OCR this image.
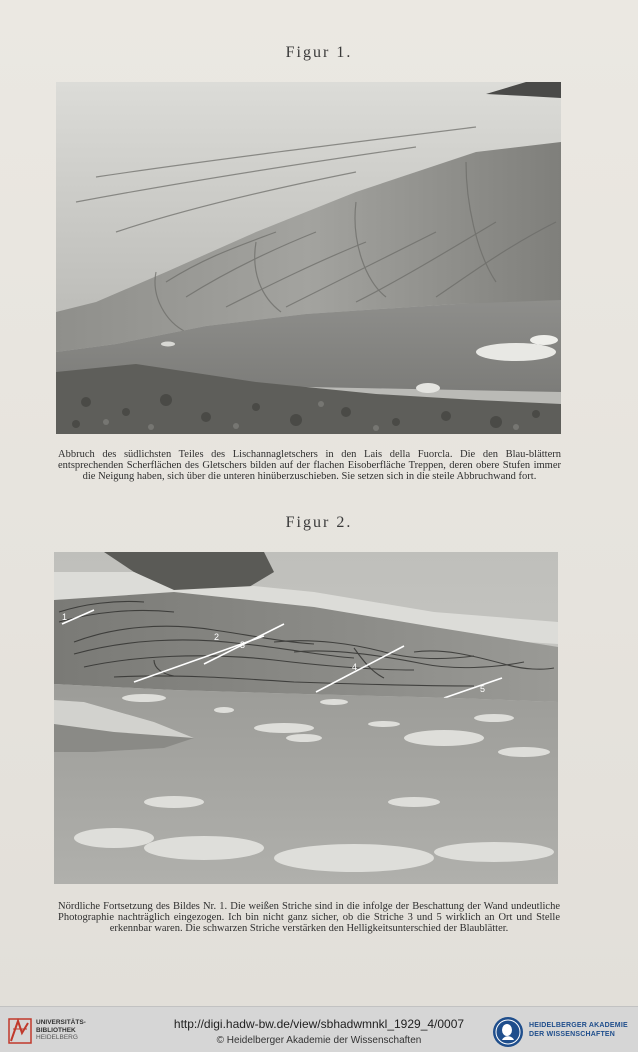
Figur 1.
Abbruch des südlichsten Teiles des Lischannagletschers in den Lais della Fuorcla. Die den Blau-blättern entsprechenden Scherflächen des Gletschers bilden auf der flachen Eisoberfläche Treppen, deren obere Stufen immer die Neigung haben, sich über die unteren hinüberzuschieben. Sie setzen sich in die steile Abbruchwand fort.
Figur 2.
1
2
3
4
5
Nördliche Fortsetzung des Bildes Nr. 1. Die weißen Striche sind in die infolge der Beschattung der Wand undeutliche Photographie nachträglich eingezogen. Ich bin nicht ganz sicher, ob die Striche 3 und 5 wirklich an Ort und Stelle erkennbar waren. Die schwarzen Striche verstärken den Helligkeitsunterschied der Blaublätter.
UNIVERSITÄTS-
BIBLIOTHEK
HEIDELBERG
http://digi.hadw-bw.de/view/sbhadwmnkl_1929_4/0007
© Heidelberger Akademie der Wissenschaften
HEIDELBERGER AKADEMIE
DER WISSENSCHAFTEN
